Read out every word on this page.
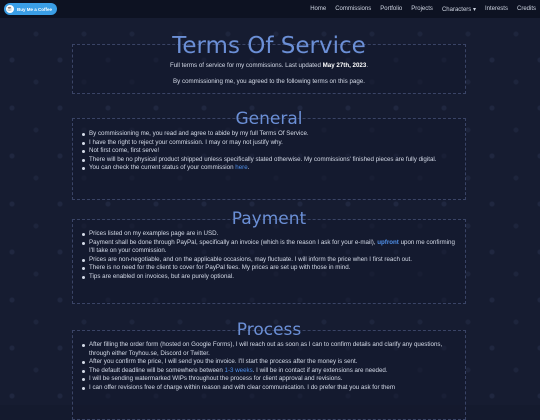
☕ Buy Me a Coffee	Home Commissions Portfolio Projects Characters ▾ Interests Credits
Terms Of Service
Full terms of service for my commissions. Last updated May 27th, 2023.
By commissioning me, you agreed to the following terms on this page.
General
By commissioning me, you read and agree to abide by my full Terms Of Service.
I have the right to reject your commission. I may or may not justify why.
Not first come, first serve!
There will be no physical product shipped unless specifically stated otherwise. My commissions' finished pieces are fully digital.
You can check the current status of your commission here.
Payment
Prices listed on my examples page are in USD.
Payment shall be done through PayPal, specifically an invoice (which is the reason I ask for your e-mail), upfront upon me confirming I'll take on your commission.
Prices are non-negotiable, and on the applicable occasions, may fluctuate. I will inform the price when I first reach out.
There is no need for the client to cover for PayPal fees. My prices are set up with those in mind.
Tips are enabled on invoices, but are purely optional.
Process
After filling the order form (hosted on Google Forms), I will reach out as soon as I can to confirm details and clarify any questions, through either Toyhou.se, Discord or Twitter.
After you confirm the price, I will send you the invoice. I'll start the process after the money is sent.
The default deadline will be somewhere between 1-3 weeks. I will be in contact if any extensions are needed.
I will be sending watermarked WIPs throughout the process for client approval and revisions.
I can offer revisions free of charge within reason and with clear communication. I do prefer that you ask for them
